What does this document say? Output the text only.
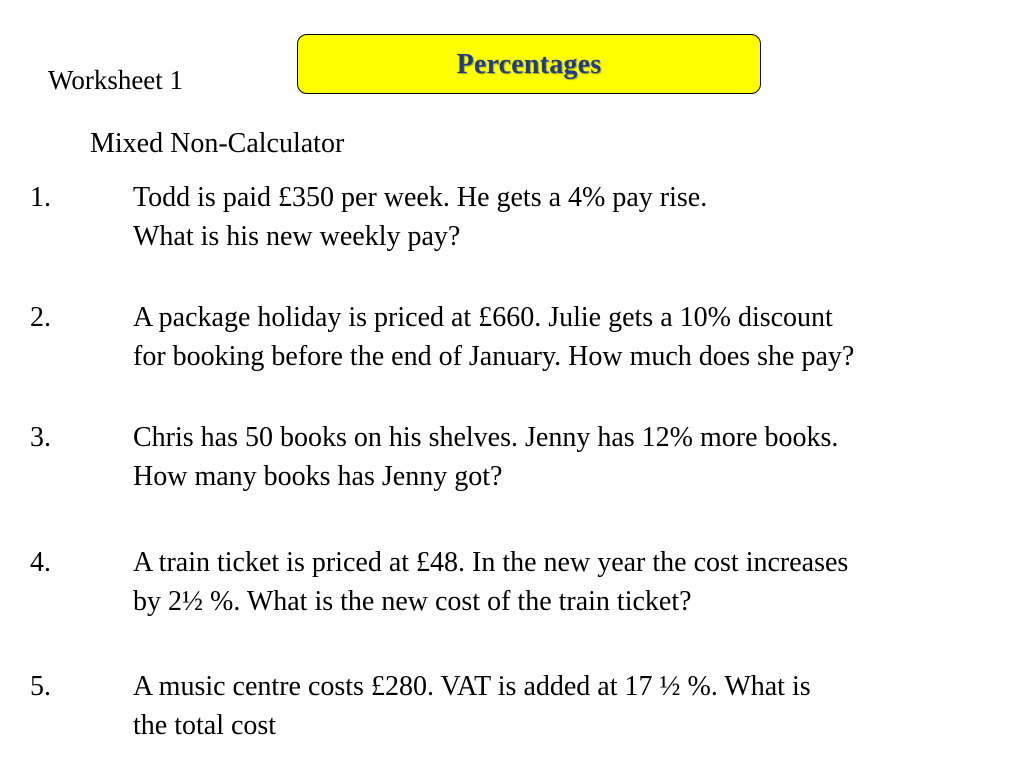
Percentages
Worksheet 1
Mixed Non-Calculator
1.	Todd is paid £350 per week. He gets a 4% pay rise.
What is his new weekly pay?
2.	A package holiday is priced at £660. Julie gets a 10% discount
for booking before the end of January. How much does she pay?
3.	Chris has 50 books on his shelves. Jenny has 12% more books.
How many books has Jenny got?
4.	A train ticket is priced at £48. In the new year the cost increases
by 2½ %. What is the new cost of the train ticket?
5.	A music centre costs £280. VAT is added at 17 ½ %. What is
the total cost
